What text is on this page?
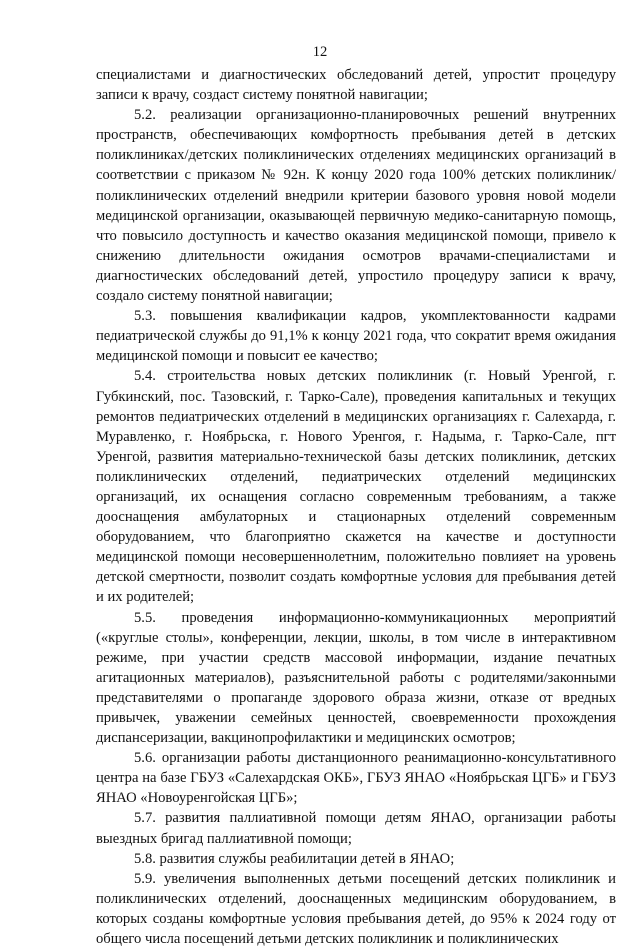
12

специалистами и диагностических обследований детей, упростит процедуру записи к врачу, создаст систему понятной навигации;

5.2. реализации организационно-планировочных решений внутренних пространств, обеспечивающих комфортность пребывания детей в детских поликлиниках/детских поликлинических отделениях медицинских организаций в соответствии с приказом № 92н. К концу 2020 года 100% детских поликлиник/поликлинических отделений внедрили критерии базового уровня новой модели медицинской организации, оказывающей первичную медико-санитарную помощь, что повысило доступность и качество оказания медицинской помощи, привело к снижению длительности ожидания осмотров врачами-специалистами и диагностических обследований детей, упростило процедуру записи к врачу, создало систему понятной навигации;

5.3. повышения квалификации кадров, укомплектованности кадрами педиатрической службы до 91,1% к концу 2021 года, что сократит время ожидания медицинской помощи и повысит ее качество;

5.4. строительства новых детских поликлиник (г. Новый Уренгой, г. Губкинский, пос. Тазовский, г. Тарко-Сале), проведения капитальных и текущих ремонтов педиатрических отделений в медицинских организациях г. Салехарда, г. Муравленко, г. Ноябрьска, г. Нового Уренгоя, г. Надыма, г. Тарко-Сале, пгт Уренгой, развития материально-технической базы детских поликлиник, детских поликлинических отделений, педиатрических отделений медицинских организаций, их оснащения согласно современным требованиям, а также дооснащения амбулаторных и стационарных отделений современным оборудованием, что благоприятно скажется на качестве и доступности медицинской помощи несовершеннолетним, положительно повлияет на уровень детской смертности, позволит создать комфортные условия для пребывания детей и их родителей;

5.5. проведения информационно-коммуникационных мероприятий («круглые столы», конференции, лекции, школы, в том числе в интерактивном режиме, при участии средств массовой информации, издание печатных агитационных материалов), разъяснительной работы с родителями/законными представителями о пропаганде здорового образа жизни, отказе от вредных привычек, уважении семейных ценностей, своевременности прохождения диспансеризации, вакцинопрофилактики и медицинских осмотров;

5.6. организации работы дистанционного реанимационно-консультативного центра на базе ГБУЗ «Салехардская ОКБ», ГБУЗ ЯНАО «Ноябрьская ЦГБ» и ГБУЗ ЯНАО «Новоуренгойская ЦГБ»;

5.7. развития паллиативной помощи детям ЯНАО, организации работы выездных бригад паллиативной помощи;

5.8. развития службы реабилитации детей в ЯНАО;

5.9. увеличения выполненных детьми посещений детских поликлиник и поликлинических отделений, дооснащенных медицинским оборудованием, в которых созданы комфортные условия пребывания детей, до 95% к 2024 году от общего числа посещений детьми детских поликлиник и поликлинических
